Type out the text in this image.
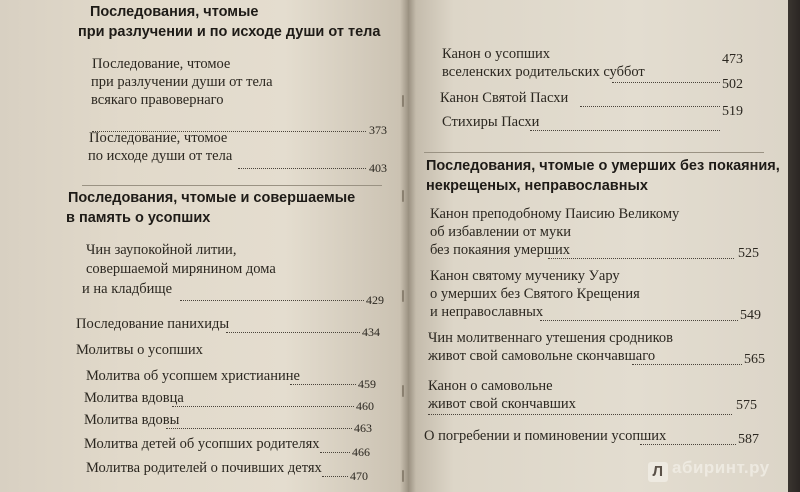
Последования, чтомые
при разлучении и по исходе души от тела
Последование, чтомое
при разлучении души от тела
всякаго правовернаго
373
Последование, чтомое
по исходе души от тела
403
Последования, чтомые и совершаемые
в память о усопших
Чин заупокойной литии,
совершаемой мирянином дома
и на кладбище
429
Последование панихиды	434
Молитвы о усопших
Молитва об усопшем христианине	459
Молитва вдовца	460
Молитва вдовы	463
Молитва детей об усопших родителях	466
Молитва родителей о почивших детях 470
Канон о усопших
вселенских родительских суббот
473
Канон Святой Пасхи
502
Стихиры Пасхи
519
Последования, чтомые о умерших без покаяния,
некрещеных, неправославных
Канон преподобному Паисию Великому
об избавлении от муки
без покаяния умерших	525
Канон святому мученику Уару
о умерших без Святого Крещения
и неправославных	549
Чин молитвеннаго утешения сродников
живот свой самовольне скончавшаго	565
Канон о самовольне
живот свой скончавших	575
О погребении и поминовении усопших	587
Л абиринт.ру
